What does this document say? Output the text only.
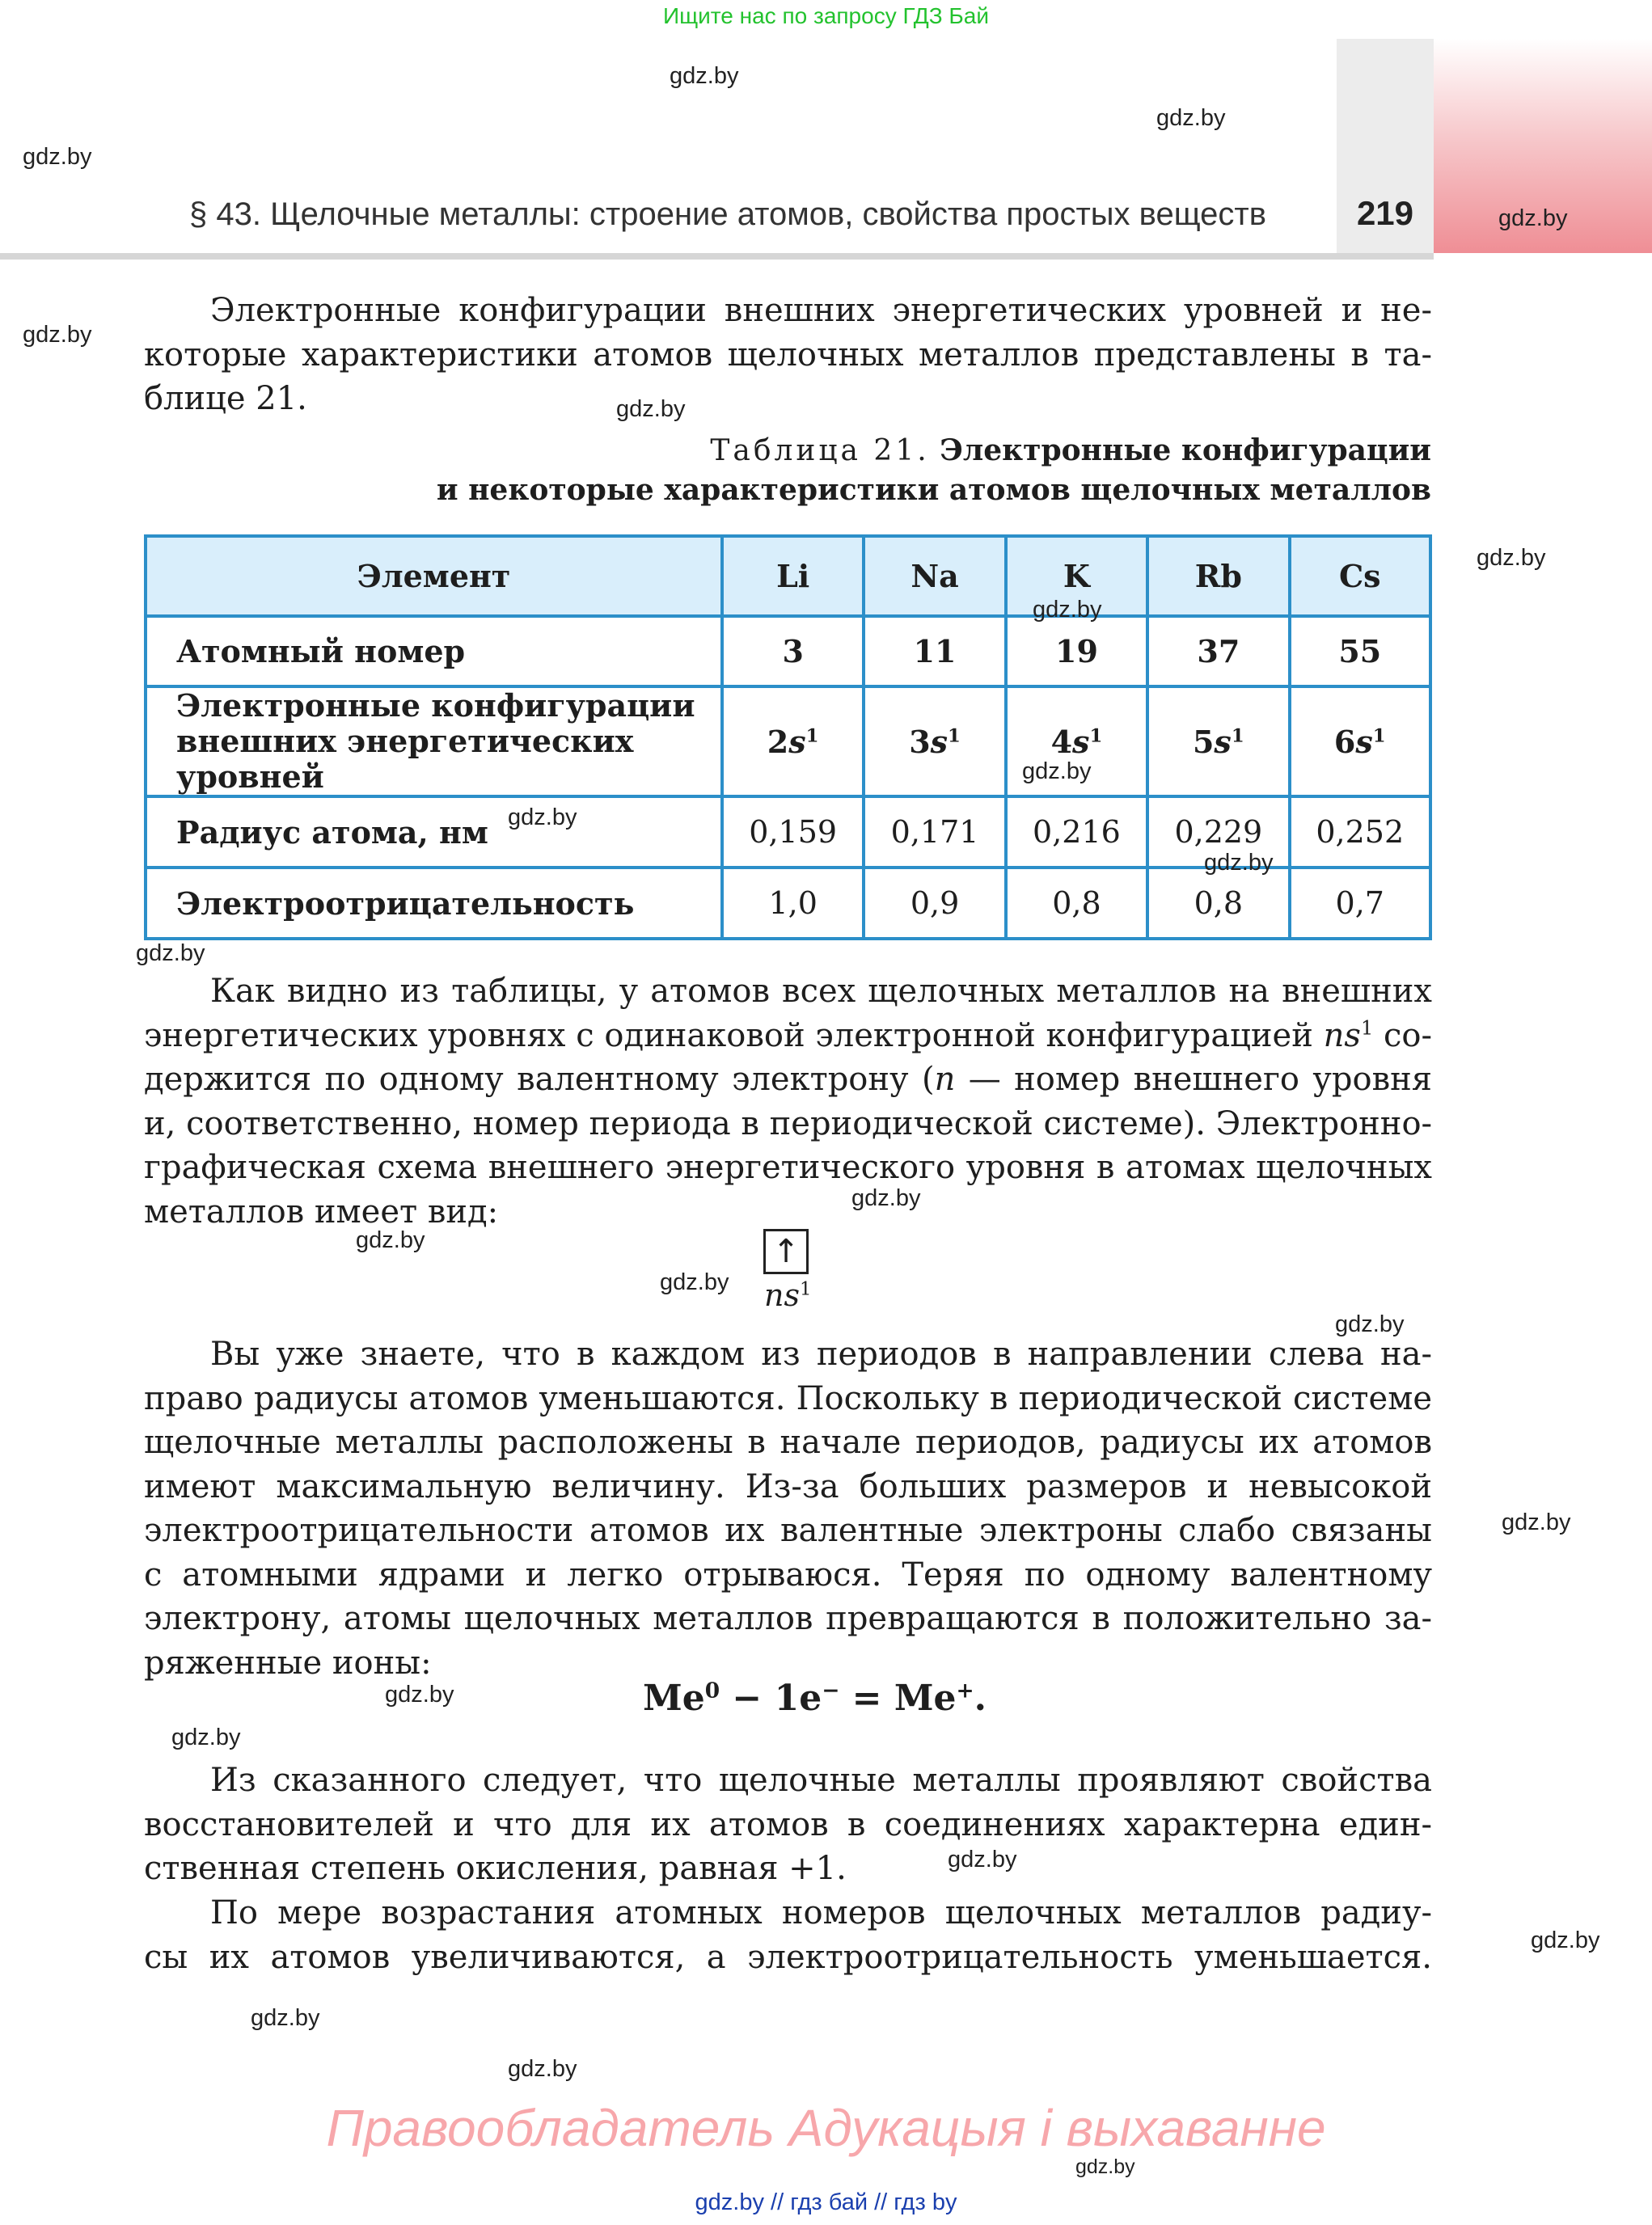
Ищите нас по запросу ГДЗ Бай
§ 43. Щелочные металлы: строение атомов, свойства простых веществ	219
Электронные конфигурации внешних энергетических уровней и не-
которые характеристики атомов щелочных металлов представлены в та-
блице 21.
Таблица 21. Электронные конфигурации
и некоторые характеристики атомов щелочных металлов
Элемент	Li	Na	K	Rb	Cs
Атомный номер	3	11	19	37	55
Электронные конфигурации
внешних энергетических уровней	$2s^1$	$3s^1$	$4s^1$	$5s^1$	$6s^1$
Радиус атома, нм	0,159	0,171	0,216	0,229	0,252
Электроотрицательность	1,0	0,9	0,8	0,8	0,7
Как видно из таблицы, у атомов всех щелочных металлов на внешних
энергетических уровнях с одинаковой электронной конфигурацией $ns^1$ со-
держится по одному валентному электрону (n — номер внешнего уровня
и, соответственно, номер периода в периодической системе). Электронно-
графическая схема внешнего энергетического уровня в атомах щелочных
металлов имеет вид:
↑
$ns^1$
Вы уже знаете, что в каждом из периодов в направлении слева на-
право радиусы атомов уменьшаются. Поскольку в периодической системе
щелочные металлы расположены в начале периодов, радиусы их атомов
имеют максимальную величину. Из-за больших размеров и невысокой
электроотрицательности атомов их валентные электроны слабо связаны
с атомными ядрами и легко отрываюся. Теряя по одному валентному
электрону, атомы щелочных металлов превращаются в положительно за-
ряженные ионы:
$Me^0 - 1e^- = Me^+$.
Из сказанного следует, что щелочные металлы проявляют свойства
восстановителей и что для их атомов в соединениях характерна един-
ственная степень окисления, равная +1.
По мере возрастания атомных номеров щелочных металлов радиу-
сы их атомов увеличиваются, а электроотрицательность уменьшается.
gdz.by
gdz.by
gdz.by
gdz.by
gdz.by
gdz.by
gdz.by
gdz.by
gdz.by
gdz.by
gdz.by
gdz.by
gdz.by
gdz.by
gdz.by
gdz.by
gdz.by
gdz.by
gdz.by
gdz.by
gdz.by
gdz.by
gdz.by
gdz.by
Правообладатель Адукацыя і выхаванне
gdz.by // гдз бай // гдз by
